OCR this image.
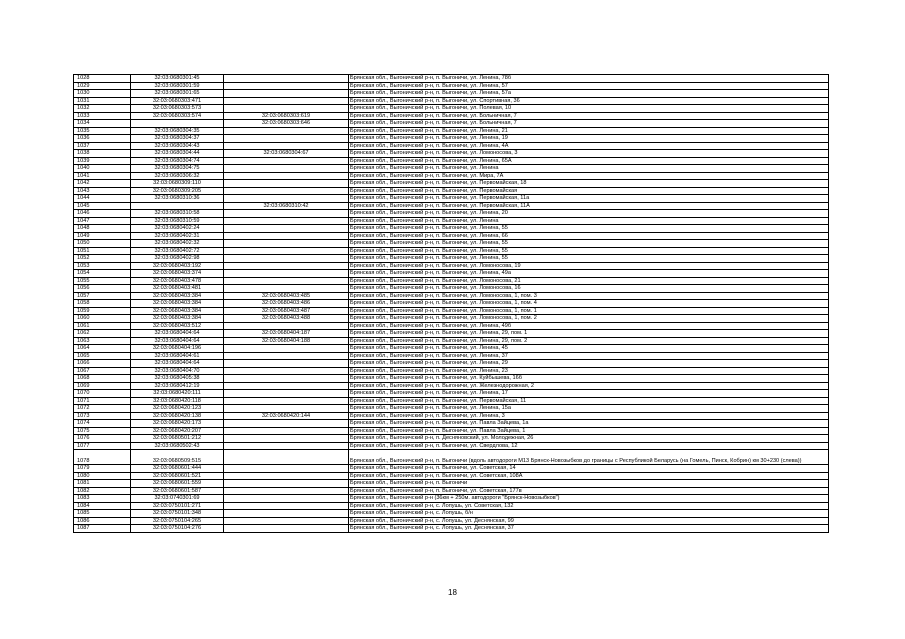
1028	32:03:0680301:45		Брянская обл., Выгоничский р-н, п. Выгоничи, ул. Ленина, 78б
1029	32:03:0680301:59		Брянская обл., Выгоничский р-н, п. Выгоничи, ул. Ленина, 57
1030	32:03:0680301:65		Брянская обл., Выгоничский р-н, п. Выгоничи, ул. Ленина, 57а
1031	32:03:0680303:471		Брянская обл., Выгоничский р-н, п. Выгоничи, ул. Спортивная, 36
1032	32:03:0680303:573		Брянская обл., Выгоничский р-н, п. Выгоничи, ул. Полевая, 10
1033	32:03:0680303:574	32:03:0680303:619	Брянская обл., Выгоничский р-н, п. Выгоничи, ул. Больничная, 7
1034		32:03:0680303:646	Брянская обл., Выгоничский р-н, п. Выгоничи, ул. Больничная, 7
1035	32:03:0680304:35		Брянская обл., Выгоничский р-н, п. Выгоничи, ул. Ленина, 21
1036	32:03:0680304:37		Брянская обл., Выгоничский р-н, п. Выгоничи, ул. Ленина, 19
1037	32:03:0680304:43		Брянская обл., Выгоничский р-н, п. Выгоничи, ул. Ленина, 4А
1038	32:03:0680304:44	32:03:0680304:67	Брянская обл., Выгоничский р-н, п. Выгоничи, ул. Ломоносова, 3
1039	32:03:0680304:74		Брянская обл., Выгоничский р-н, п. Выгоничи, ул. Ленина, 65А
1040	32:03:0680304:75		Брянская обл., Выгоничский р-н, п. Выгоничи, ул. Ленина
1041	32:03:0680306:32		Брянская обл., Выгоничский р-н, п. Выгоничи, ул. Мира, 7А
1042	32:03:0680309:110		Брянская обл., Выгоничский р-н, п. Выгоничи, ул. Первомайская, 18
1043	32:03:0680309:205		Брянская обл., Выгоничский р-н, п. Выгоничи, ул. Первомайская
1044	32:03:0680310:36		Брянская обл., Выгоничский р-н, п. Выгоничи, ул. Первомайская, 11а
1045		32:03:0680310:42	Брянская обл., Выгоничский р-н, п. Выгоничи, ул. Первомайская, 11А
1046	32:03:0680310:58		Брянская обл., Выгоничский р-н, п. Выгоничи, ул. Ленина, 20
1047	32:03:0680310:59		Брянская обл., Выгоничский р-н, п. Выгоничи, ул. Ленина
1048	32:03:0680402:24		Брянская обл., Выгоничский р-н, п. Выгоничи, ул. Ленина, 55
1049	32:03:0680402:31		Брянская обл., Выгоничский р-н, п. Выгоничи, ул. Ленина, 66
1050	32:03:0680402:32		Брянская обл., Выгоничский р-н, п. Выгоничи, ул. Ленина, 55
1051	32:03:0680402:72		Брянская обл., Выгоничский р-н, п. Выгоничи, ул. Ленина, 55
1052	32:03:0680402:98		Брянская обл., Выгоничский р-н, п. Выгоничи, ул. Ленина, 55
1053	32:03:0680403:192		Брянская обл., Выгоничский р-н, п. Выгоничи, ул. Ломоносова, 19
1054	32:03:0680403:374		Брянская обл., Выгоничский р-н, п. Выгоничи, ул. Ленина, 49а
1055	32:03:0680403:478		Брянская обл., Выгоничский р-н, п. Выгоничи, ул. Ломоносова, 21
1056	32:03:0680403:481		Брянская обл., Выгоничский р-н, п. Выгоничи, ул. Ломоносова, 16
1057	32:03:0680403:384	32:03:0680403:485	Брянская обл., Выгоничский р-н, п. Выгоничи, ул. Ломоносова, 1, пом. 3
1058	32:03:0680403:384	32:03:0680403:486	Брянская обл., Выгоничский р-н, п. Выгоничи, ул. Ломоносова, 1, пом. 4
1059	32:03:0680403:384	32:03:0680403:487	Брянская обл., Выгоничский р-н, п. Выгоничи, ул. Ломоносова, 1, пом. 1
1060	32:03:0680403:384	32:03:0680403:488	Брянская обл., Выгоничский р-н, п. Выгоничи, ул. Ломоносова, 1, пом. 2
1061	32:03:0680403:512		Брянская обл., Выгоничский р-н, п. Выгоничи, ул. Ленина, 49б
1062	32:03:0680404:64	32:03:0680404:187	Брянская обл., Выгоничский р-н, п. Выгоничи, ул. Ленина, 29, пом. 1
1063	32:03:0680404:64	32:03:0680404:188	Брянская обл., Выгоничский р-н, п. Выгоничи, ул. Ленина, 29, пом. 2
1064	32:03:0680404:196		Брянская обл., Выгоничский р-н, п. Выгоничи, ул. Ленина, 45
1065	32:03:0680404:61		Брянская обл., Выгоничский р-н, п. Выгоничи, ул. Ленина, 37
1066	32:03:0680404:64		Брянская обл., Выгоничский р-н, п. Выгоничи, ул. Ленина, 29
1067	32:03:0680404:70		Брянская обл., Выгоничский р-н, п. Выгоничи, ул. Ленина, 23
1068	32:03:0680405:38		Брянская обл., Выгоничский р-н, п. Выгоничи, ул. Куйбышева, 16б
1069	32:03:0680412:19		Брянская обл., Выгоничский р-н, п. Выгоничи, ул. Железнодорожная, 2
1070	32:03:0680420:111		Брянская обл., Выгоничский р-н, п. Выгоничи, ул. Ленина, 17
1071	32:03:0680420:118		Брянская обл., Выгоничский р-н, п. Выгоничи, ул. Первомайская, 11
1072	32:03:0680420:123		Брянская обл., Выгоничский р-н, п. Выгоничи, ул. Ленина, 15а
1073	32:03:0680420:138	32:03:0680420:144	Брянская обл., Выгоничский р-н, п. Выгоничи, ул. Ленина, 3
1074	32:03:0680420:173		Брянская обл., Выгоничский р-н, п. Выгоничи, ул. Павла Зайцева, 1а
1075	32:03:0680420:207		Брянская обл., Выгоничский р-н, п. Выгоничи, ул. Павла Зайцева, 1
1076	32:03:0680501:212		Брянская обл., Выгоничский р-н, п. Десняновский, ул. Молодежная, 26
1077	32:03:0680502:43		Брянская обл., Выгоничский р-н, п. Выгоничи, ул. Свердлова, 12
1078	32:03:0680509:515		Брянская обл., Выгоничский р-н, п. Выгоничи (вдоль автодороги М13 Брянск-Новозыбков до границы с Республикой Беларусь (на Гомель, Пинск, Кобрин) км 30+230 (слева))
1079	32:03:0680601:444		Брянская обл., Выгоничский р-н, п. Выгоничи, ул. Советская, 14
1080	32:03:0680601:521		Брянская обл., Выгоничский р-н, п. Выгоничи, ул. Советская, 108А
1081	32:03:0680601:559		Брянская обл., Выгоничский р-н, п. Выгоничи
1082	32:03:0680601:587		Брянская обл., Выгоничский р-н, п. Выгоничи, ул. Советская, 177в
1083	32:03:0740301:69		Брянская обл., Выгоничский р-н (36км + 250м. автодороги "Брянск-Новозыбков")
1084	32:03:0750101:271		Брянская обл., Выгоничский р-н, с. Лопушь, ул. Советская, 132
1085	32:03:0750101:348		Брянская обл., Выгоничский р-н, с. Лопушь, б/н
1086	32:03:0750104:265		Брянская обл., Выгоничский р-н, с. Лопушь, ул. Деснянская, 99
1087	32:03:0750104:276		Брянская обл., Выгоничский р-н, с. Лопушь, ул. Деснянская, 37
18
